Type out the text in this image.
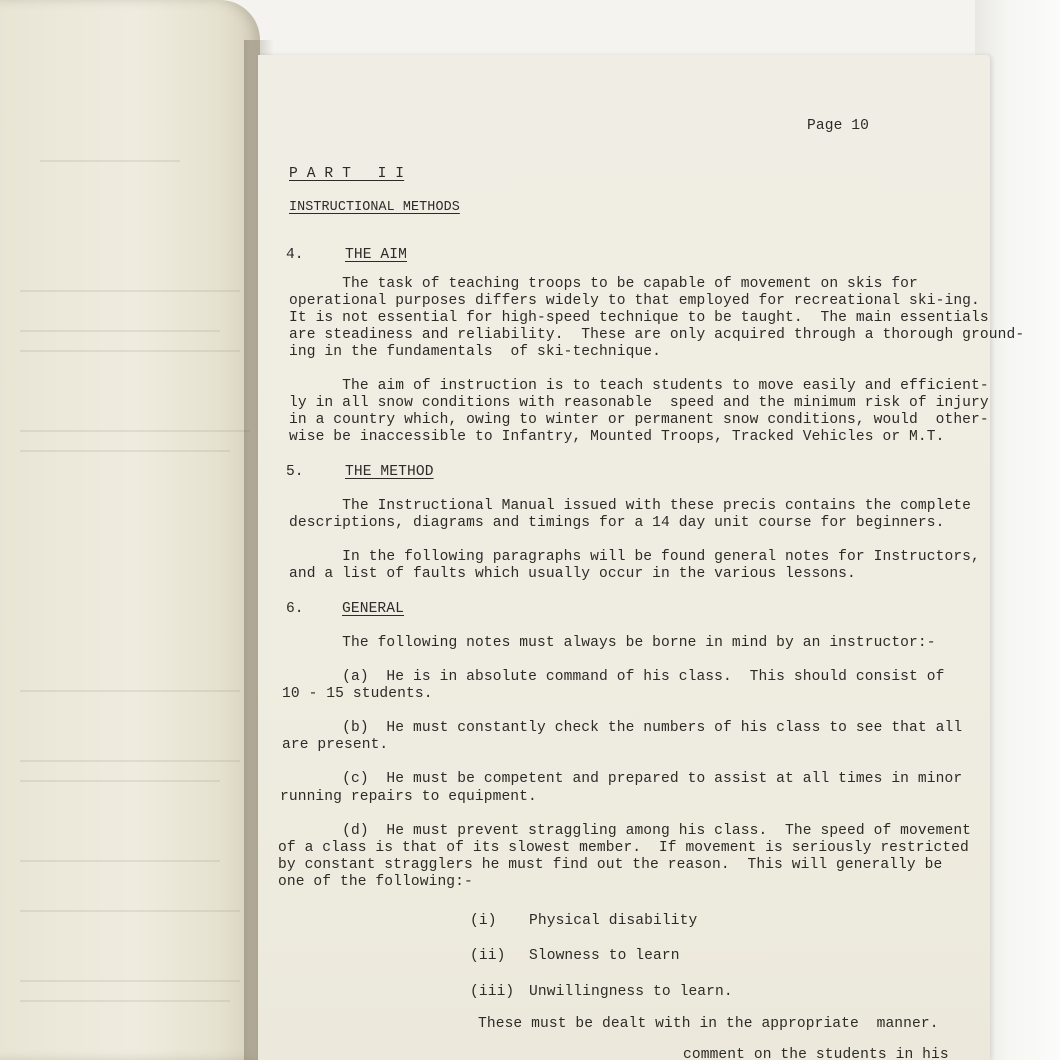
Page 10
P A R T   I I
INSTRUCTIONAL METHODS
4.	THE AIM
The task of teaching troops to be capable of movement on skis for
operational purposes differs widely to that employed for recreational ski-ing.
It is not essential for high-speed technique to be taught.  The main essentials
are steadiness and reliability.  These are only acquired through a thorough ground-
ing in the fundamentals  of ski-technique.
The aim of instruction is to teach students to move easily and efficient-
ly in all snow conditions with reasonable  speed and the minimum risk of injury
in a country which, owing to winter or permanent snow conditions, would  other-
wise be inaccessible to Infantry, Mounted Troops, Tracked Vehicles or M.T.
5.	THE METHOD
The Instructional Manual issued with these precis contains the complete
descriptions, diagrams and timings for a 14 day unit course for beginners.
In the following paragraphs will be found general notes for Instructors,
and a list of faults which usually occur in the various lessons.
6.	GENERAL
The following notes must always be borne in mind by an instructor:-
(a)  He is in absolute command of his class.  This should consist of
10 - 15 students.
(b)  He must constantly check the numbers of his class to see that all
are present.
(c)  He must be competent and prepared to assist at all times in minor
running repairs to equipment.
(d)  He must prevent straggling among his class.  The speed of movement
of a class is that of its slowest member.  If movement is seriously restricted
by constant stragglers he must find out the reason.  This will generally be
one of the following:-
(i) Physical disability
(ii) Slowness to learn
(iii) Unwillingness to learn.
These must be dealt with in the appropriate  manner.
comment on the students in his
